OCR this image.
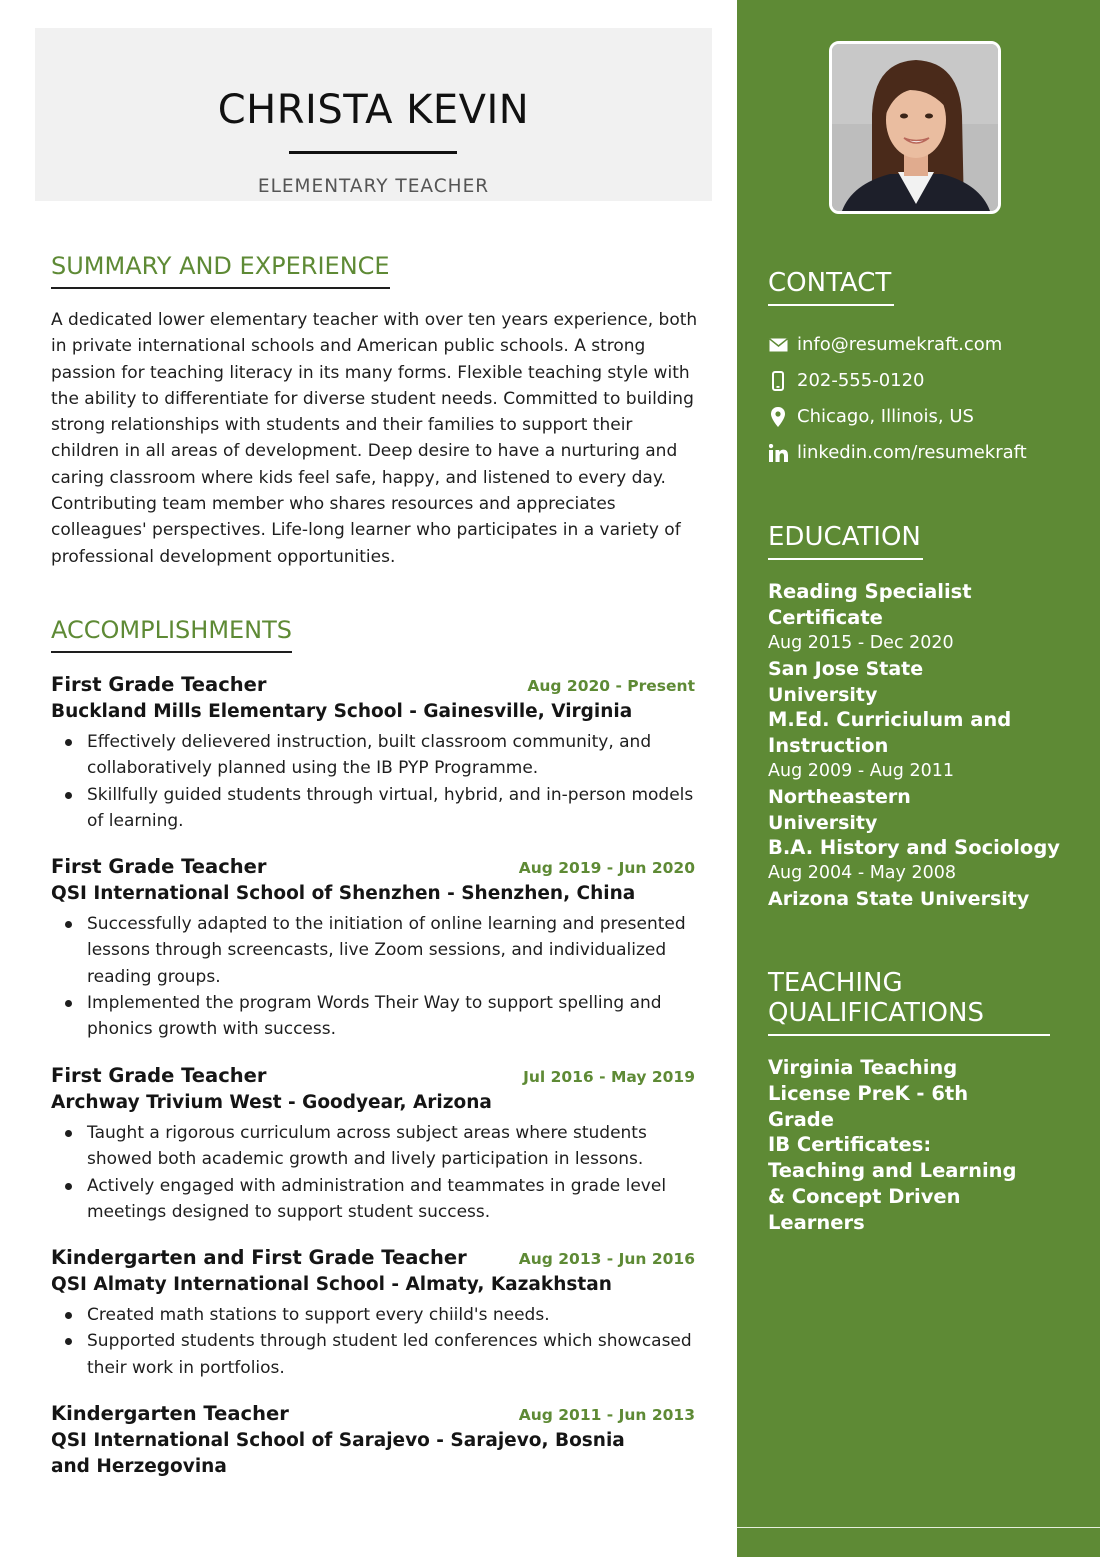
CHRISTA KEVIN
ELEMENTARY TEACHER
SUMMARY AND EXPERIENCE
A dedicated lower elementary teacher with over ten years experience, both in private international schools and American public schools. A strong passion for teaching literacy in its many forms. Flexible teaching style with the ability to differentiate for diverse student needs. Committed to building strong relationships with students and their families to support their children in all areas of development. Deep desire to have a nurturing and caring classroom where kids feel safe, happy, and listened to every day. Contributing team member who shares resources and appreciates colleagues' perspectives. Life-long learner who participates in a variety of professional development opportunities.
ACCOMPLISHMENTS
First Grade Teacher	Aug 2020 - Present
Buckland Mills Elementary School - Gainesville, Virginia
Effectively delievered instruction, built classroom community, and collaboratively planned using the IB PYP Programme.
Skillfully guided students through virtual, hybrid, and in-person models of learning.
First Grade Teacher	Aug 2019 - Jun 2020
QSI International School of Shenzhen - Shenzhen, China
Successfully adapted to the initiation of online learning and presented lessons through screencasts, live Zoom sessions, and individualized reading groups.
Implemented the program Words Their Way to support spelling and phonics growth with success.
First Grade Teacher	Jul 2016 - May 2019
Archway Trivium West - Goodyear, Arizona
Taught a rigorous curriculum across subject areas where students showed both academic growth and lively participation in lessons.
Actively engaged with administration and teammates in grade level meetings designed to support student success.
Kindergarten and First Grade Teacher	Aug 2013 - Jun 2016
QSI Almaty International School - Almaty, Kazakhstan
Created math stations to support every chiild's needs.
Supported students through student led conferences which showcased their work in portfolios.
Kindergarten Teacher	Aug 2011 - Jun 2013
QSI International School of Sarajevo - Sarajevo, Bosnia and Herzegovina
CONTACT
info@resumekraft.com
202-555-0120
Chicago, Illinois, US
linkedin.com/resumekraft
EDUCATION
Reading Specialist Certificate
Aug 2015 - Dec 2020
San Jose State University
M.Ed. Curriciulum and Instruction
Aug 2009 - Aug 2011
Northeastern University
B.A. History and Sociology
Aug 2004 - May 2008
Arizona State University
TEACHING
QUALIFICATIONS
Virginia Teaching License PreK - 6th Grade
IB Certificates: Teaching and Learning & Concept Driven Learners
